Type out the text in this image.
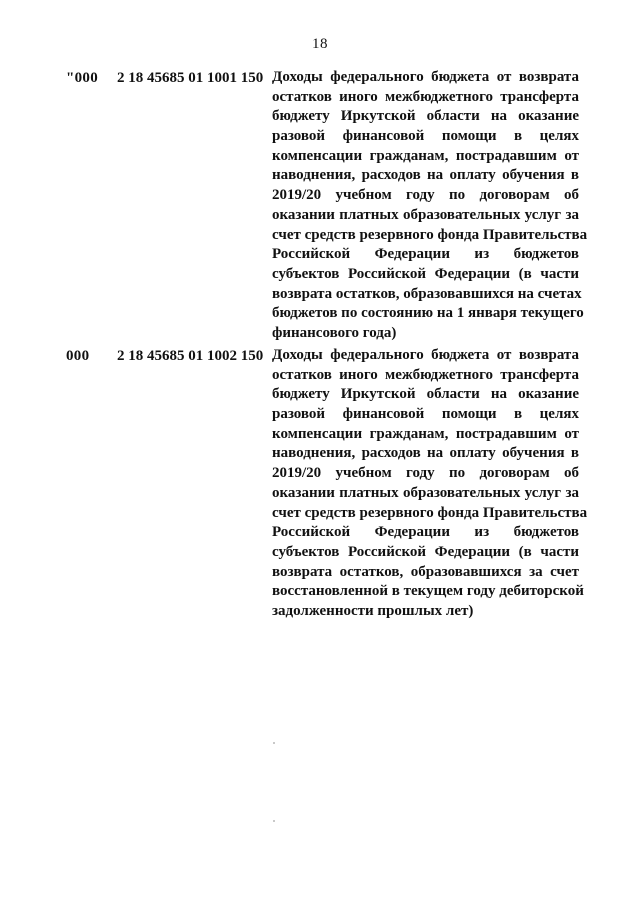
18
"000 2 18 45685 01 1001 150 Доходы федерального бюджета от возврата
остатков иного межбюджетного трансферта
бюджету Иркутской области на оказание
разовой финансовой помощи в целях
компенсации гражданам, пострадавшим от
наводнения, расходов на оплату обучения в
2019/20 учебном году по договорам об
оказании платных образовательных услуг за
счет средств резервного фонда Правительства
Российской Федерации из бюджетов
субъектов Российской Федерации (в части
возврата остатков, образовавшихся на счетах
бюджетов по состоянию на 1 января текущего
финансового года)
000 2 18 45685 01 1002 150 Доходы федерального бюджета от возврата
остатков иного межбюджетного трансферта
бюджету Иркутской области на оказание
разовой финансовой помощи в целях
компенсации гражданам, пострадавшим от
наводнения, расходов на оплату обучения в
2019/20 учебном году по договорам об
оказании платных образовательных услуг за
счет средств резервного фонда Правительства
Российской Федерации из бюджетов
субъектов Российской Федерации (в части
возврата остатков, образовавшихся за счет
восстановленной в текущем году дебиторской
задолженности прошлых лет)
